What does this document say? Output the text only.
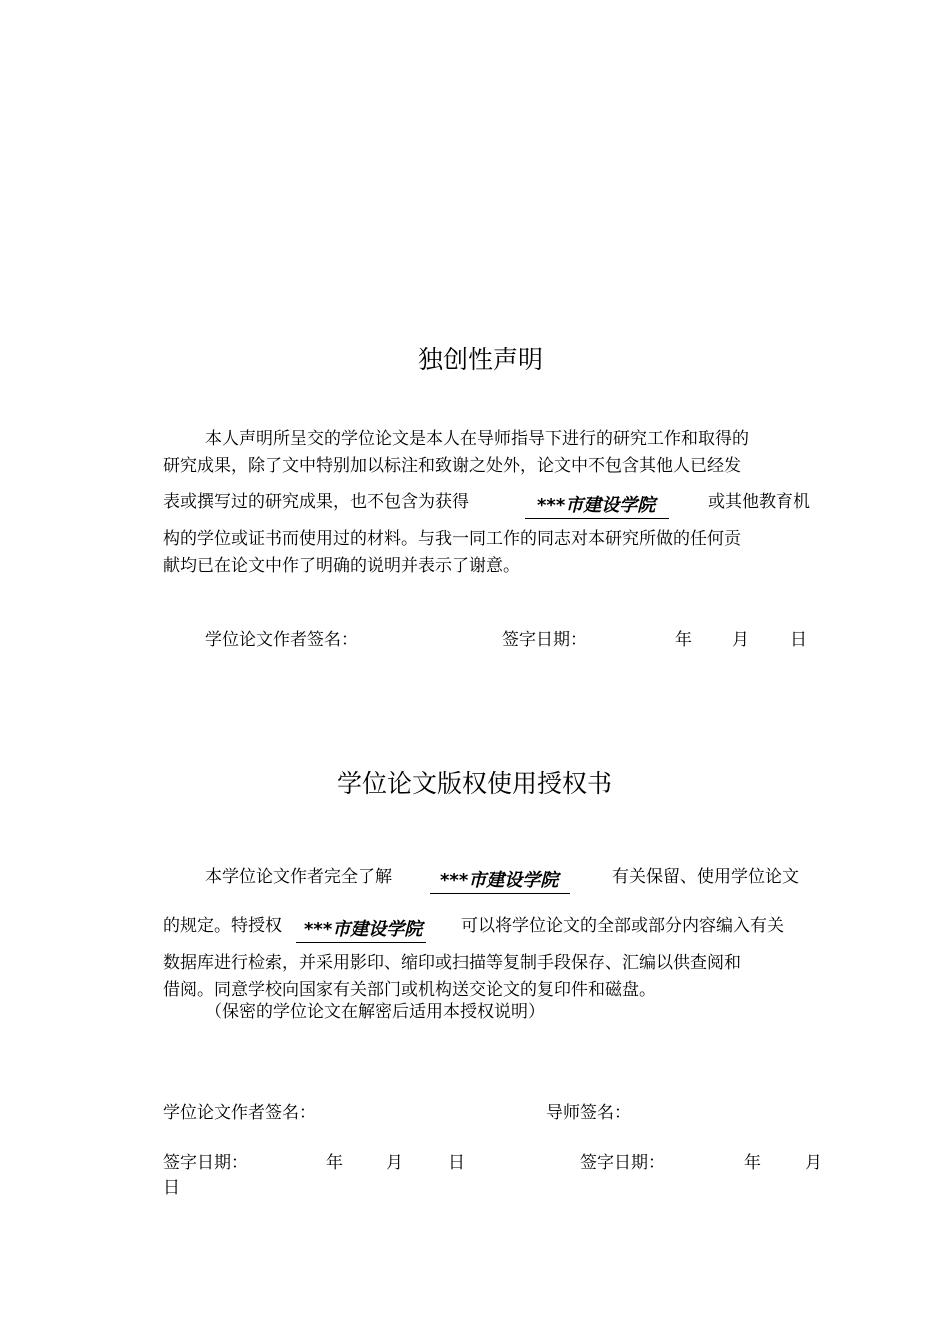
独创性声明
本人声明所呈交的学位论文是本人在导师指导下进行的研究工作和取得的
研究成果，除了文中特别加以标注和致谢之处外，论文中不包含其他人已经发
表或撰写过的研究成果，也不包含为获得	***市建设学院	或其他教育机
构的学位或证书而使用过的材料。与我一同工作的同志对本研究所做的任何贡
献均已在论文中作了明确的说明并表示了谢意。
学位论文作者签名：	签字日期：	年 月 日
学位论文版权使用授权书
本学位论文作者完全了解	***市建设学院	有关保留、使用学位论文
的规定。特授权	***市建设学院 可以将学位论文的全部或部分内容编入有关
数据库进行检索，并采用影印、缩印或扫描等复制手段保存、汇编以供查阅和
借阅。同意学校向国家有关部门或机构送交论文的复印件和磁盘。
（保密的学位论文在解密后适用本授权说明）
学位论文作者签名：	导师签名：
签字日期：	年	月	日	签字日期：	年	月
日
